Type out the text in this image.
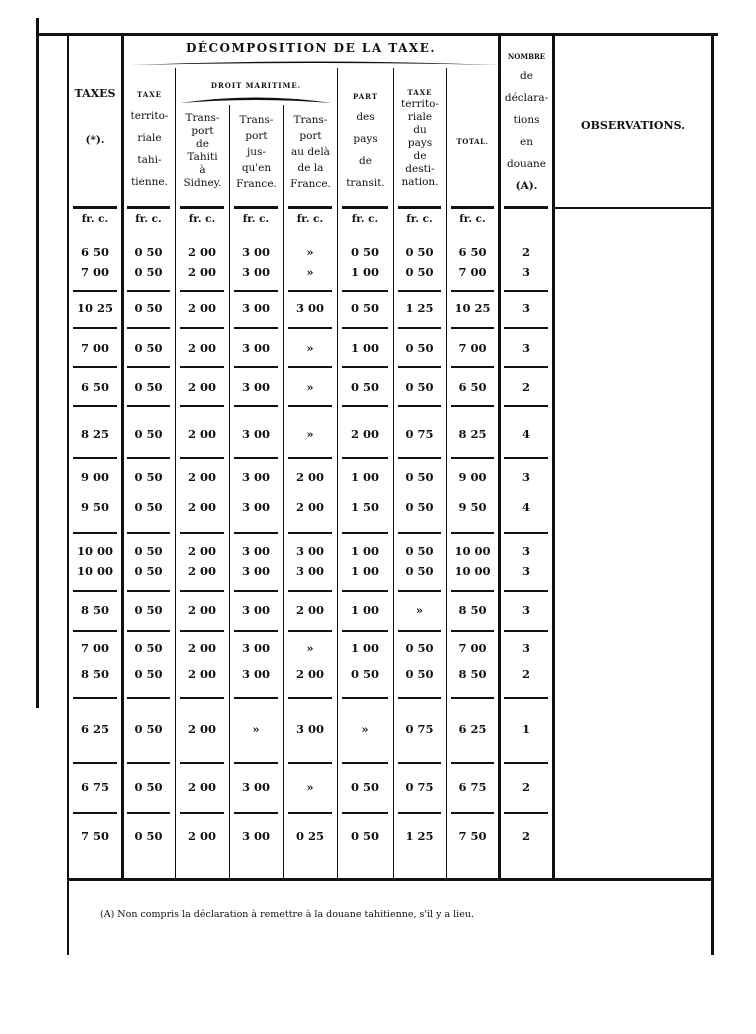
TAXES
(*).
DÉCOMPOSITION DE LA TAXE.
DROIT MARITIME.
TAXE
territo-
riale
tahi-
tienne.
Trans-
port
de
Tahiti
à
Sidney.
Trans-
port
jus-
qu'en
France.
Trans-
port
au delà
de la
France.
PART
des
pays
de
transit.
TAXE
territo-
riale
du
pays
de
desti-
nation.
TOTAL.
NOMBRE
de
déclara-
tions
en
douane
(A).
OBSERVATIONS.
fr. c.	fr. c.	fr. c.	fr. c.	fr. c.	fr. c.	fr. c.	fr. c.
6 50	0 50	2 00	3 00	»	0 50	0 50	6 50	2
7 00	0 50	2 00	3 00	»	1 00	0 50	7 00	3
10 25	0 50	2 00	3 00	3 00	0 50	1 25	10 25	3
7 00	0 50	2 00	3 00	»	1 00	0 50	7 00	3
6 50	0 50	2 00	3 00	»	0 50	0 50	6 50	2
8 25	0 50	2 00	3 00	»	2 00	0 75	8 25	4
9 00	0 50	2 00	3 00	2 00	1 00	0 50	9 00	3
9 50	0 50	2 00	3 00	2 00	1 50	0 50	9 50	4
10 00	0 50	2 00	3 00	3 00	1 00	0 50	10 00	3
10 00	0 50	2 00	3 00	3 00	1 00	0 50	10 00	3
8 50	0 50	2 00	3 00	2 00	1 00	»	8 50	3
7 00	0 50	2 00	3 00	»	1 00	0 50	7 00	3
8 50	0 50	2 00	3 00	2 00	0 50	0 50	8 50	2
6 25	0 50	2 00	»	3 00	»	0 75	6 25	1
6 75	0 50	2 00	3 00	»	0 50	0 75	6 75	2
7 50	0 50	2 00	3 00	0 25	0 50	1 25	7 50	2
(A) Non compris la déclaration à remettre à la douane tahitienne, s'il y a lieu.
